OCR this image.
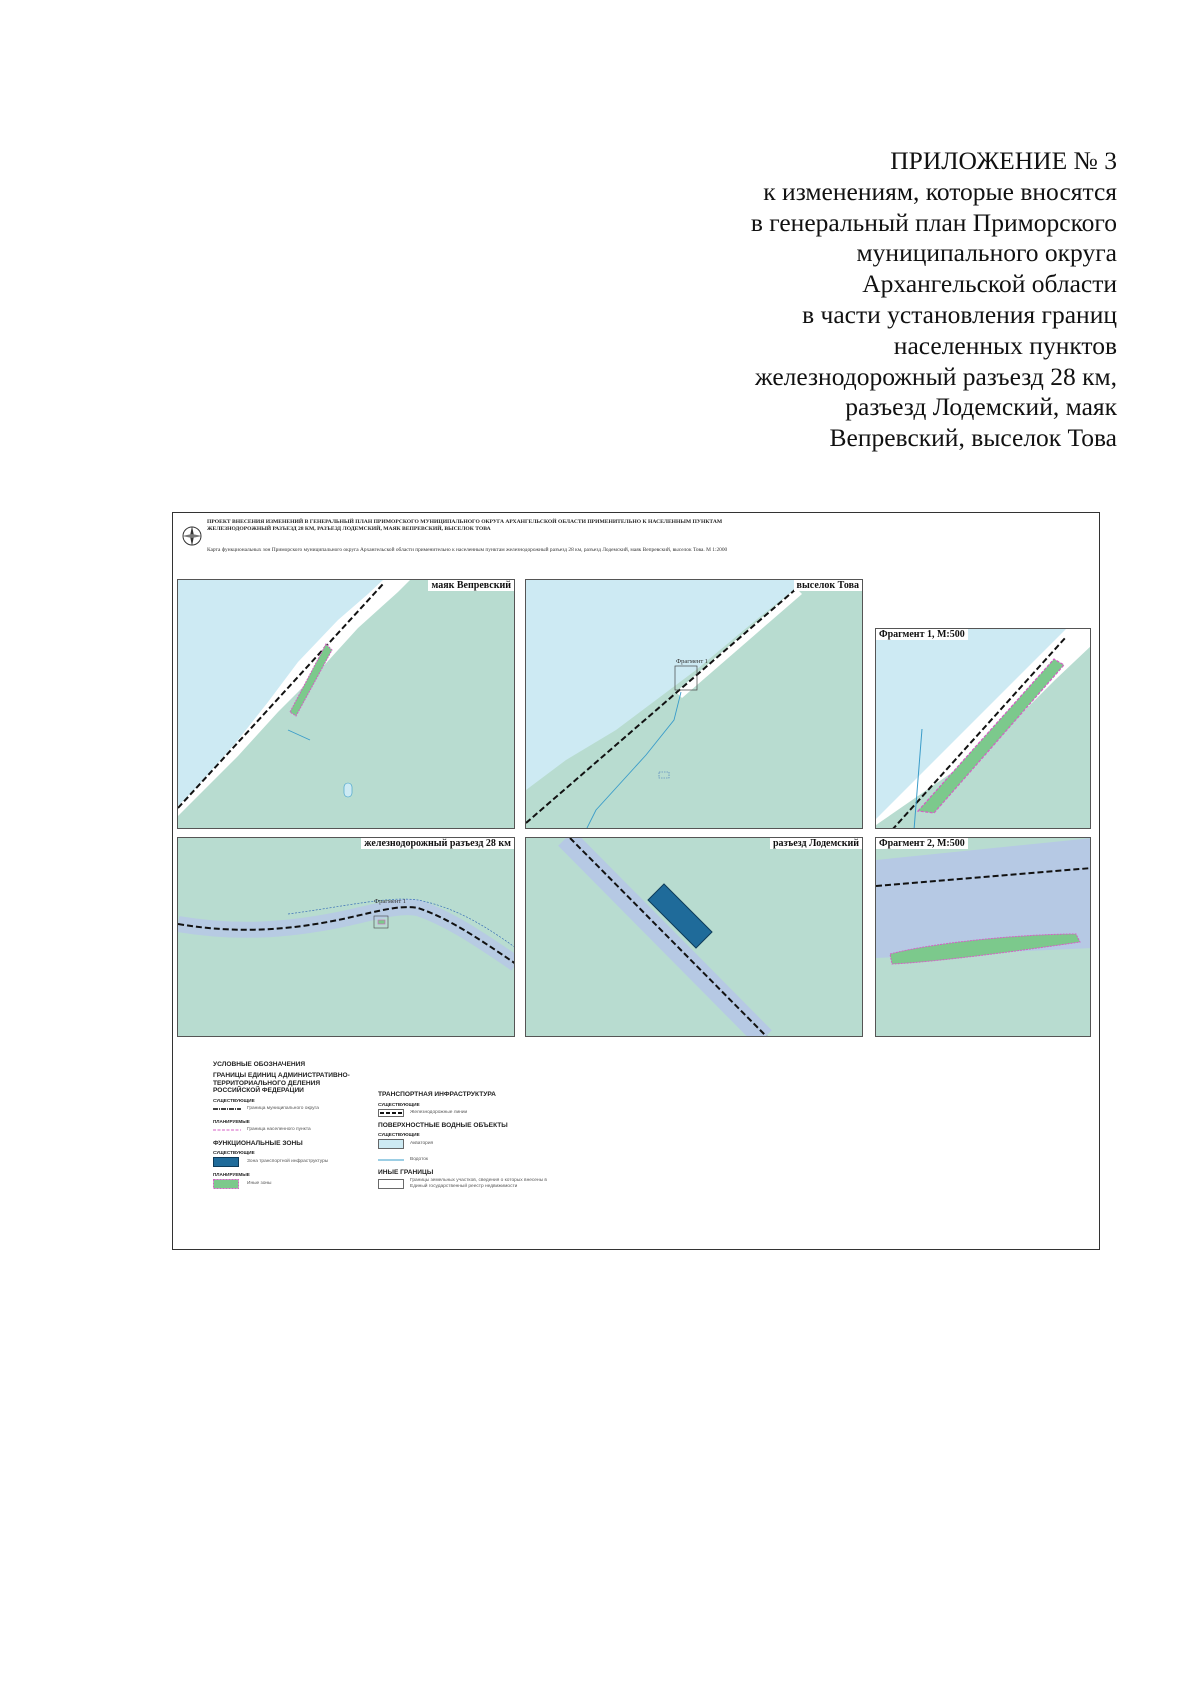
ПРИЛОЖЕНИЕ № 3
к изменениям, которые вносятся
в генеральный план Приморского
муниципального округа
Архангельской области
в части установления границ
населенных пунктов
железнодорожный разъезд 28 км,
разъезд Лодемский, маяк
Вепревский, выселок Това
ПРОЕКТ ВНЕСЕНИЯ ИЗМЕНЕНИЙ В ГЕНЕРАЛЬНЫЙ ПЛАН ПРИМОРСКОГО МУНИЦИПАЛЬНОГО ОКРУГА АРХАНГЕЛЬСКОЙ ОБЛАСТИ ПРИМЕНИТЕЛЬНО К НАСЕЛЕННЫМ ПУНКТАМ ЖЕЛЕЗНОДОРОЖНЫЙ РАЗЪЕЗД 28 КМ, РАЗЪЕЗД ЛОДЕМСКИЙ, МАЯК ВЕПРЕВСКИЙ, ВЫСЕЛОК ТОВА
Карта функциональных зон Приморского муниципального округа Архангельской области применительно к населенным пунктам железнодорожный разъезд 28 км, разъезд Лодемский, маяк Вепревский, выселок Това. М 1:2000
маяк Вепревский
Фрагмент 1
выселок Това
Фрагмент 1, М:500
Фрагмент 1
железнодорожный разъезд 28 км	разъезд Лодемский	Фрагмент 2, М:500
УСЛОВНЫЕ ОБОЗНАЧЕНИЯ
ГРАНИЦЫ ЕДИНИЦ АДМИНИСТРАТИВНО-ТЕРРИТОРИАЛЬНОГО ДЕЛЕНИЯ РОССИЙСКОЙ ФЕДЕРАЦИИ
СУЩЕСТВУЮЩИЕ
Граница муниципального округа
ПЛАНИРУЕМЫЕ
Граница населенного пункта
ФУНКЦИОНАЛЬНЫЕ ЗОНЫ
СУЩЕСТВУЮЩИЕ
Зона транспортной инфраструктуры
ПЛАНИРУЕМЫЕ
Иные зоны
ТРАНСПОРТНАЯ ИНФРАСТРУКТУРА
СУЩЕСТВУЮЩИЕ
Железнодорожные линии
ПОВЕРХНОСТНЫЕ ВОДНЫЕ ОБЪЕКТЫ
СУЩЕСТВУЮЩИЕ
Акватория
Водоток
ИНЫЕ ГРАНИЦЫ
Границы земельных участков, сведения о которых внесены в Единый государственный реестр недвижимости
